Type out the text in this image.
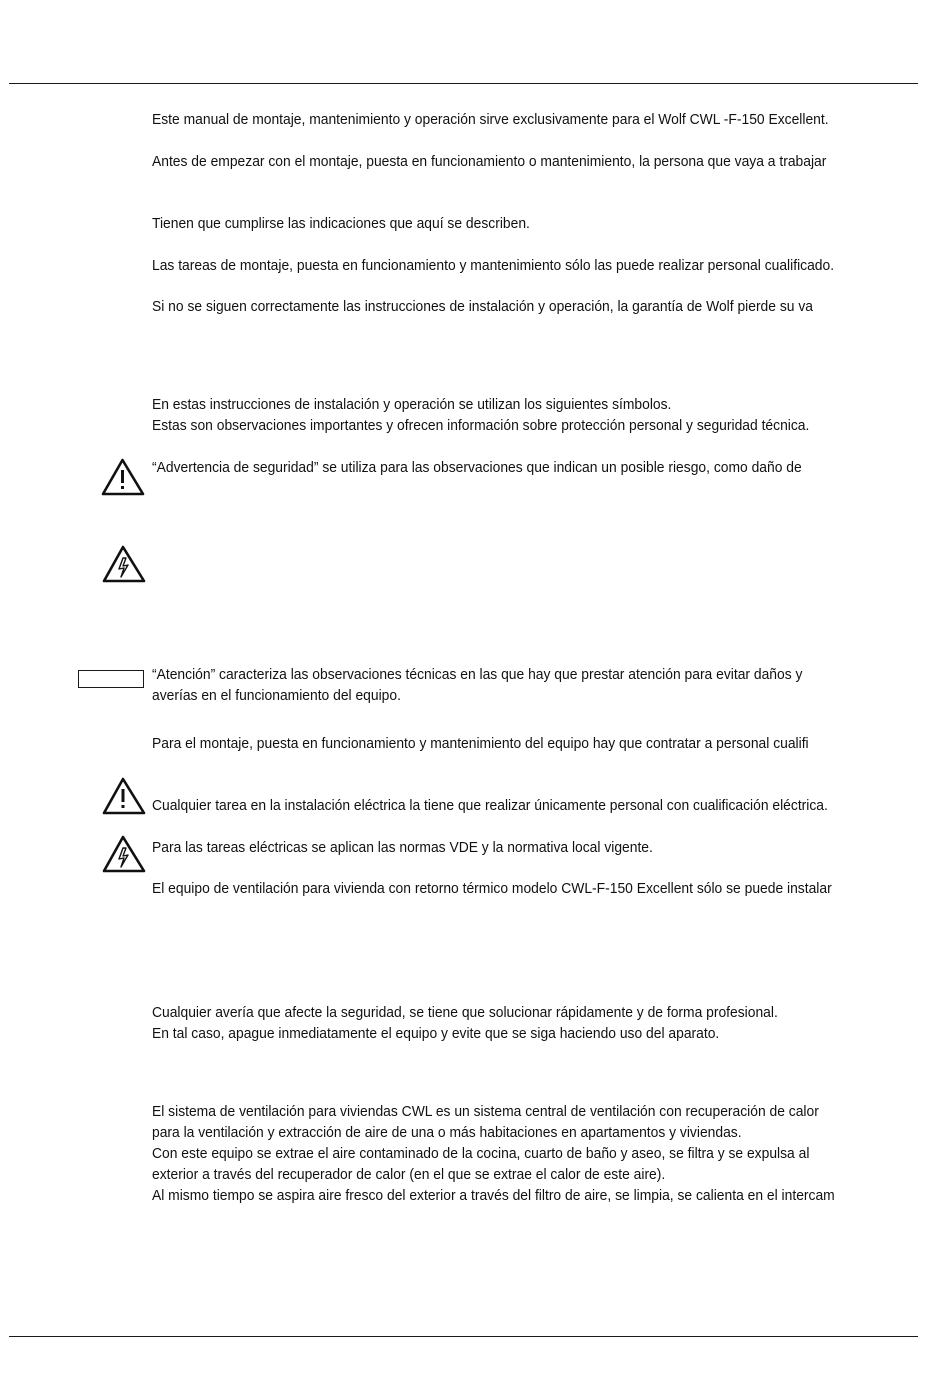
Este manual de montaje, mantenimiento y operación sirve exclusivamente para el Wolf CWL -F-150 Excellent.

Antes de empezar con el montaje, puesta en funcionamiento o mantenimiento, la persona que vaya a trabajar

Tienen que cumplirse las indicaciones que aquí se describen.

Las tareas de montaje, puesta en funcionamiento y mantenimiento sólo las puede realizar personal cualificado.

Si no se siguen correctamente las instrucciones de instalación y operación, la garantía de Wolf pierde su va

En estas instrucciones de instalación y operación se utilizan los siguientes símbolos.

Estas son observaciones importantes y ofrecen información sobre protección personal y seguridad técnica.

“Advertencia de seguridad” se utiliza para las observaciones que indican un posible riesgo, como daño de

“Atención” caracteriza las observaciones técnicas en las que hay que prestar atención para evitar daños y

averías en el funcionamiento del equipo.

Para el montaje, puesta en funcionamiento y mantenimiento del equipo hay que contratar a personal cualifi

Cualquier tarea en la instalación eléctrica la tiene que realizar únicamente personal con cualificación eléctrica.

Para las tareas eléctricas se aplican las normas VDE y la normativa local vigente.

El equipo de ventilación para vivienda con retorno térmico modelo CWL-F-150 Excellent sólo se puede instalar

Cualquier avería que afecte la seguridad, se tiene que solucionar rápidamente y de forma profesional.

En tal caso, apague inmediatamente el equipo y evite que se siga haciendo uso del aparato.

El sistema de ventilación para viviendas CWL es un sistema central de ventilación con recuperación de calor

para la ventilación y extracción de aire de una o más habitaciones en apartamentos y viviendas.

Con este equipo se extrae el aire contaminado de la cocina, cuarto de baño y aseo, se filtra y se expulsa al

exterior a través del recuperador de calor (en el que se extrae el calor de este aire).

Al mismo tiempo se aspira aire fresco del exterior a través del filtro de aire, se limpia, se calienta en el intercam
